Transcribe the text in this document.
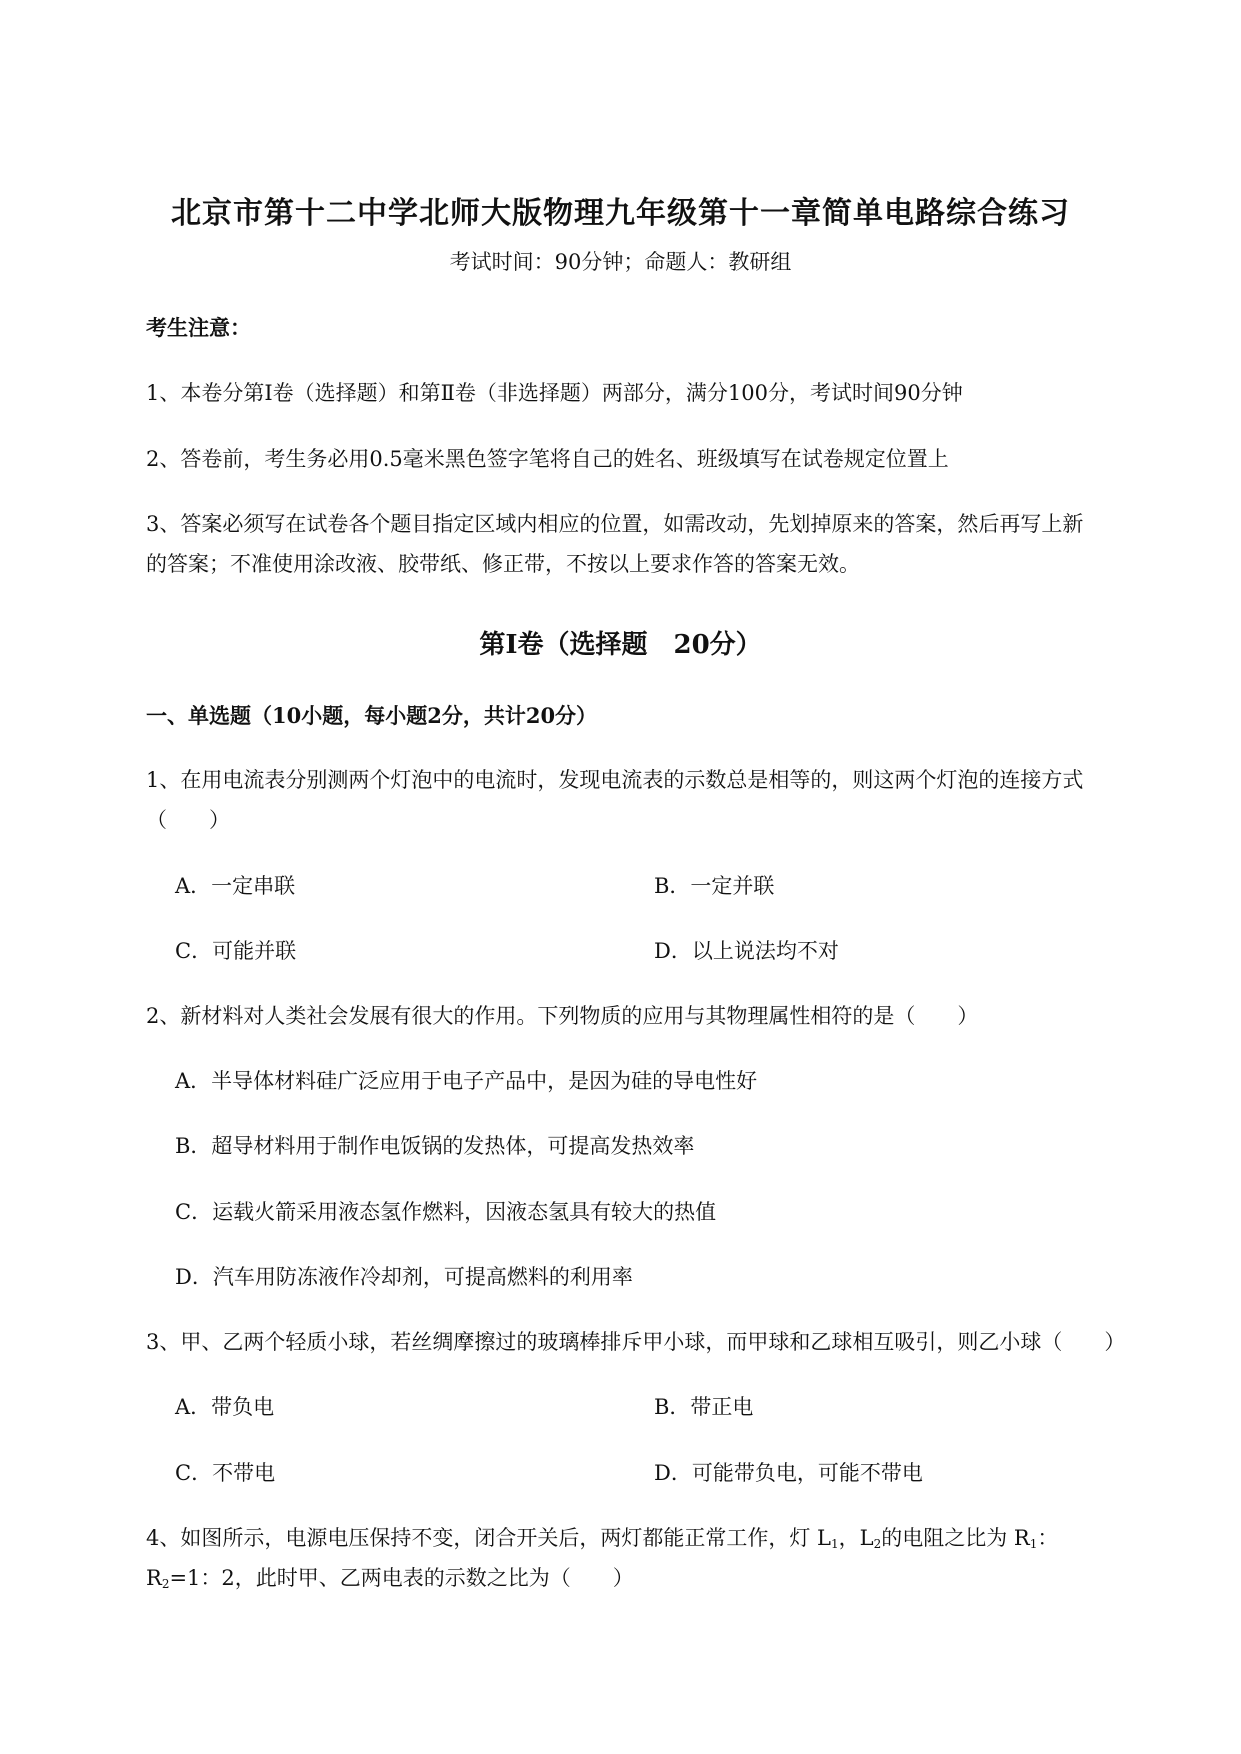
北京市第十二中学北师大版物理九年级第十一章简单电路综合练习
考试时间：90分钟；命题人：教研组
考生注意：
1、本卷分第Ⅰ卷（选择题）和第Ⅱ卷（非选择题）两部分，满分100分，考试时间90分钟
2、答卷前，考生务必用0.5毫米黑色签字笔将自己的姓名、班级填写在试卷规定位置上
3、答案必须写在试卷各个题目指定区域内相应的位置，如需改动，先划掉原来的答案，然后再写上新
的答案；不准使用涂改液、胶带纸、修正带，不按以上要求作答的答案无效。
第Ⅰ卷（选择题　20分）
一、单选题（10小题，每小题2分，共计20分）
1、在用电流表分别测两个灯泡中的电流时，发现电流表的示数总是相等的，则这两个灯泡的连接方式
（　　）
A．一定串联	B．一定并联
C．可能并联	D．以上说法均不对
2、新材料对人类社会发展有很大的作用。下列物质的应用与其物理属性相符的是（　　）
A．半导体材料硅广泛应用于电子产品中，是因为硅的导电性好
B．超导材料用于制作电饭锅的发热体，可提高发热效率
C．运载火箭采用液态氢作燃料，因液态氢具有较大的热值
D．汽车用防冻液作冷却剂，可提高燃料的利用率
3、甲、乙两个轻质小球，若丝绸摩擦过的玻璃棒排斥甲小球，而甲球和乙球相互吸引，则乙小球（　　）
A．带负电	B．带正电
C．不带电	D．可能带负电，可能不带电
4、如图所示，电源电压保持不变，闭合开关后，两灯都能正常工作，灯 $L_1$，$L_2$的电阻之比为 $R_1$：
$R_2=1$：2，此时甲、乙两电表的示数之比为（　　）
